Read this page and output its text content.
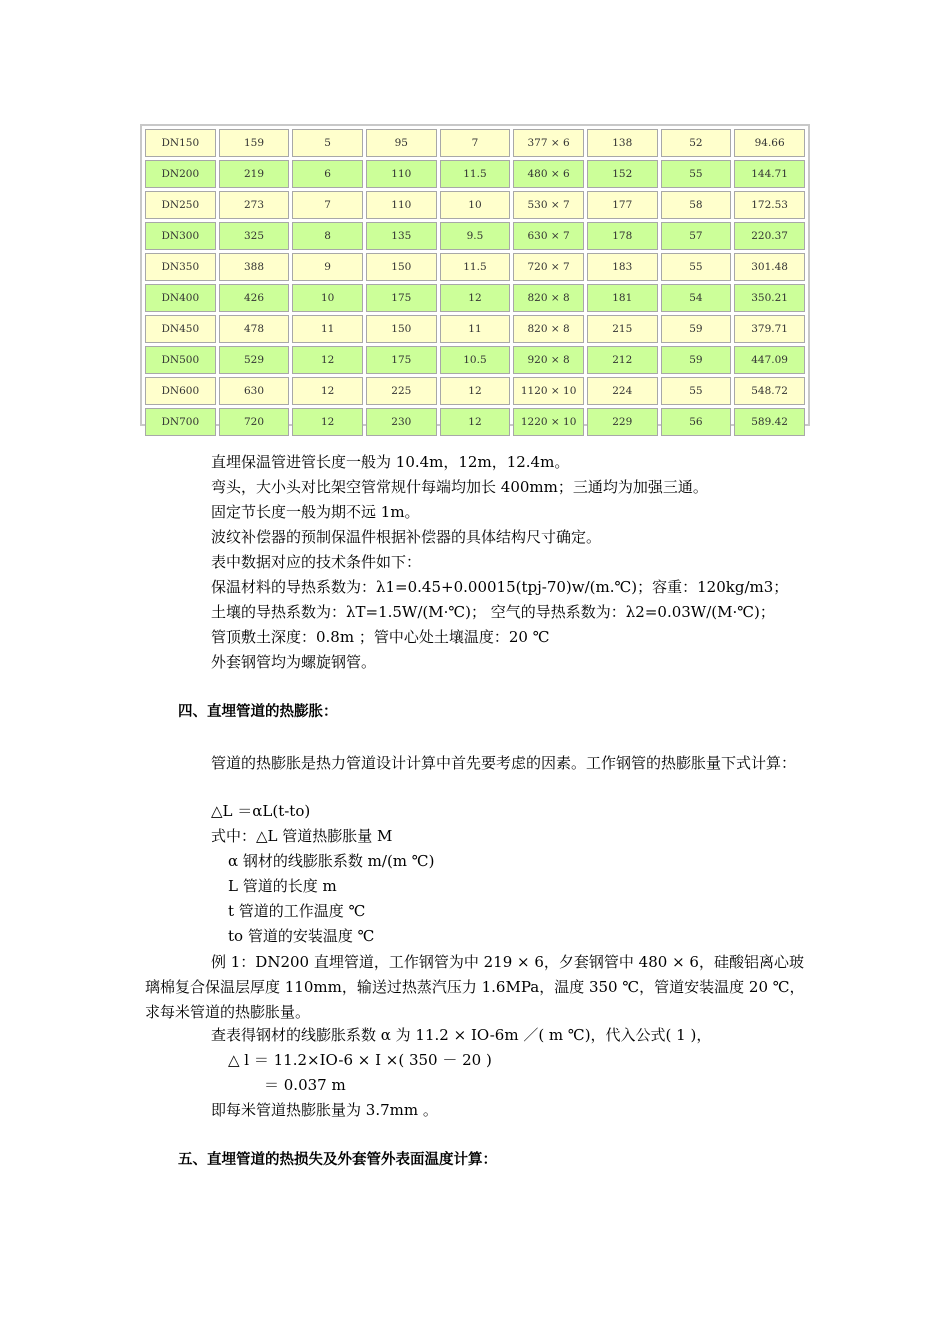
DN150	159	5	95	7	377 × 6	138	52	94.66
DN200	219	6	110	11.5	480 × 6	152	55	144.71
DN250	273	7	110	10	530 × 7	177	58	172.53
DN300	325	8	135	9.5	630 × 7	178	57	220.37
DN350	388	9	150	11.5	720 × 7	183	55	301.48
DN400	426	10	175	12	820 × 8	181	54	350.21
DN450	478	11	150	11	820 × 8	215	59	379.71
DN500	529	12	175	10.5	920 × 8	212	59	447.09
DN600	630	12	225	12	1120 × 10	224	55	548.72
DN700	720	12	230	12	1220 × 10	229	56	589.42
直埋保温管进管长度一般为 10.4m，12m，12.4m。
弯头，大小头对比架空管常规什每端均加长 400mm；三通均为加强三通。
固定节长度一般为期不远 1m。
波纹补偿器的预制保温件根据补偿器的具体结构尺寸确定。
表中数据对应的技术条件如下：
保温材料的导热系数为：λ1=0.45+0.00015(tpj-70)w/(m.℃)；容重：120kg/m3；
土壤的导热系数为：λT=1.5W/(M·℃)； 空气的导热系数为：λ2=0.03W/(M·℃)；
管顶敷土深度：0.8m ；管中心处土壤温度：20 ℃
外套钢管均为螺旋钢管。
四、直埋管道的热膨胀：
管道的热膨胀是热力管道设计计算中首先要考虑的因素。工作钢管的热膨胀量下式计算：
△L ＝αL(t-to)
式中：△L 管道热膨胀量 M
α 钢材的线膨胀系数 m/(m ℃)
L 管道的长度 m
t 管道的工作温度 ℃
to 管道的安装温度 ℃
例 1：DN200 直埋管道，工作钢管为中 219 × 6，夕套钢管中 480 × 6，硅酸铝离心玻璃棉复合保温层厚度 110mm，输送过热蒸汽压力 1.6MPa，温度 350 ℃，管道安装温度 20 ℃，求每米管道的热膨胀量。
查表得钢材的线膨胀系数 α 为 11.2 × IO-6m ／( m ℃)，代入公式( 1 )，
△ l ＝ 11.2×IO-6 × I ×( 350 － 20 )
＝ 0.037 m
即每米管道热膨胀量为 3.7mm 。
五、直埋管道的热损失及外套管外表面温度计算：
